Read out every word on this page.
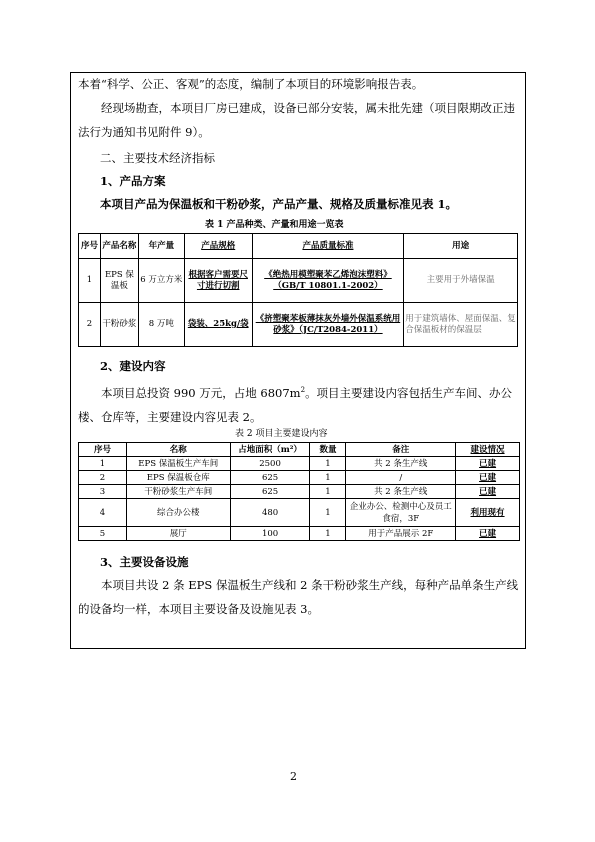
本着“科学、公正、客观”的态度，编制了本项目的环境影响报告表。
经现场勘查，本项目厂房已建成，设备已部分安装，属未批先建（项目限期改正违法行为通知书见附件 9）。
二、主要技术经济指标
1、产品方案
本项目产品为保温板和干粉砂浆，产品产量、规格及质量标准见表 1。
表 1 产品种类、产量和用途一览表
序号	产品名称	年产量	产品规格	产品质量标准	用途
1	EPS 保温板	6 万立方米	根据客户需要尺寸进行切割	《绝热用模塑聚苯乙烯泡沫塑料》（GB/T 10801.1-2002）	主要用于外墙保温
2	干粉砂浆	8 万吨	袋装、25kg/袋	《挤塑聚苯板薄抹灰外墙外保温系统用砂浆》（JC/T2084-2011）	用于建筑墙体、屋面保温、复合保温板材的保温层
2、建设内容
本项目总投资 990 万元，占地 $6807m^2$。项目主要建设内容包括生产车间、办公楼、仓库等，主要建设内容见表 2。
表 2 项目主要建设内容
序号	名称	占地面积（m²）	数量	备注	建设情况
1	EPS 保温板生产车间	2500	1	共 2 条生产线	已建
2	EPS 保温板仓库	625	1	/	已建
3	干粉砂浆生产车间	625	1	共 2 条生产线	已建
4	综合办公楼	480	1	企业办公、检测中心及员工食宿，3F	利用现有
5	展厅	100	1	用于产品展示 2F	已建
3、主要设备设施
本项目共设 2 条 EPS 保温板生产线和 2 条干粉砂浆生产线，每种产品单条生产线的设备均一样，本项目主要设备及设施见表 3。
2
